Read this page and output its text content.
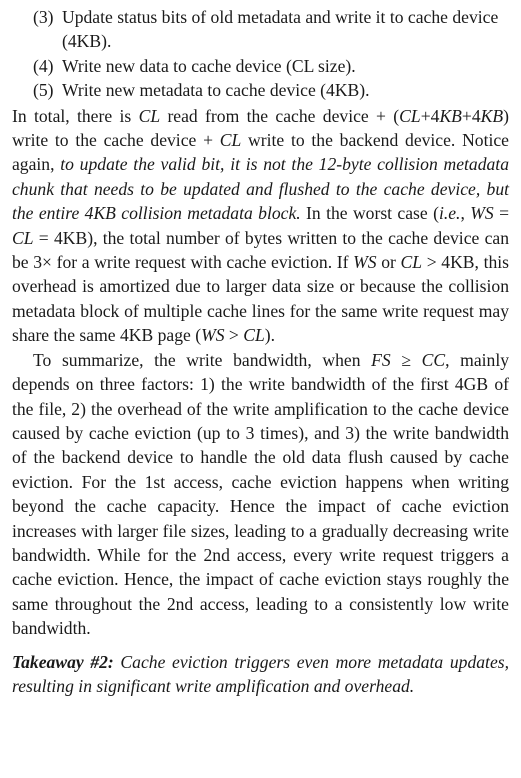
(3) Update status bits of old metadata and write it to cache device (4KB).
(4) Write new data to cache device (CL size).
(5) Write new metadata to cache device (4KB).

In total, there is CL read from the cache device + (CL+4KB+4KB) write to the cache device + CL write to the backend device. Notice again, to update the valid bit, it is not the 12-byte collision metadata chunk that needs to be updated and flushed to the cache device, but the entire 4KB collision metadata block. In the worst case (i.e., WS = CL = 4KB), the total number of bytes written to the cache device can be 3× for a write request with cache eviction. If WS or CL > 4KB, this overhead is amortized due to larger data size or because the collision metadata block of multiple cache lines for the same write request may share the same 4KB page (WS > CL).

To summarize, the write bandwidth, when FS ≥ CC, mainly depends on three factors: 1) the write bandwidth of the first 4GB of the file, 2) the overhead of the write amplification to the cache device caused by cache eviction (up to 3 times), and 3) the write bandwidth of the backend device to handle the old data flush caused by cache eviction. For the 1st access, cache eviction happens when writing beyond the cache capacity. Hence the impact of cache eviction increases with larger file sizes, leading to a gradually decreasing write bandwidth. While for the 2nd access, every write request triggers a cache eviction. Hence, the impact of cache eviction stays roughly the same throughout the 2nd access, leading to a consistently low write bandwidth.

Takeaway #2: Cache eviction triggers even more metadata updates, resulting in significant write amplification and overhead.
